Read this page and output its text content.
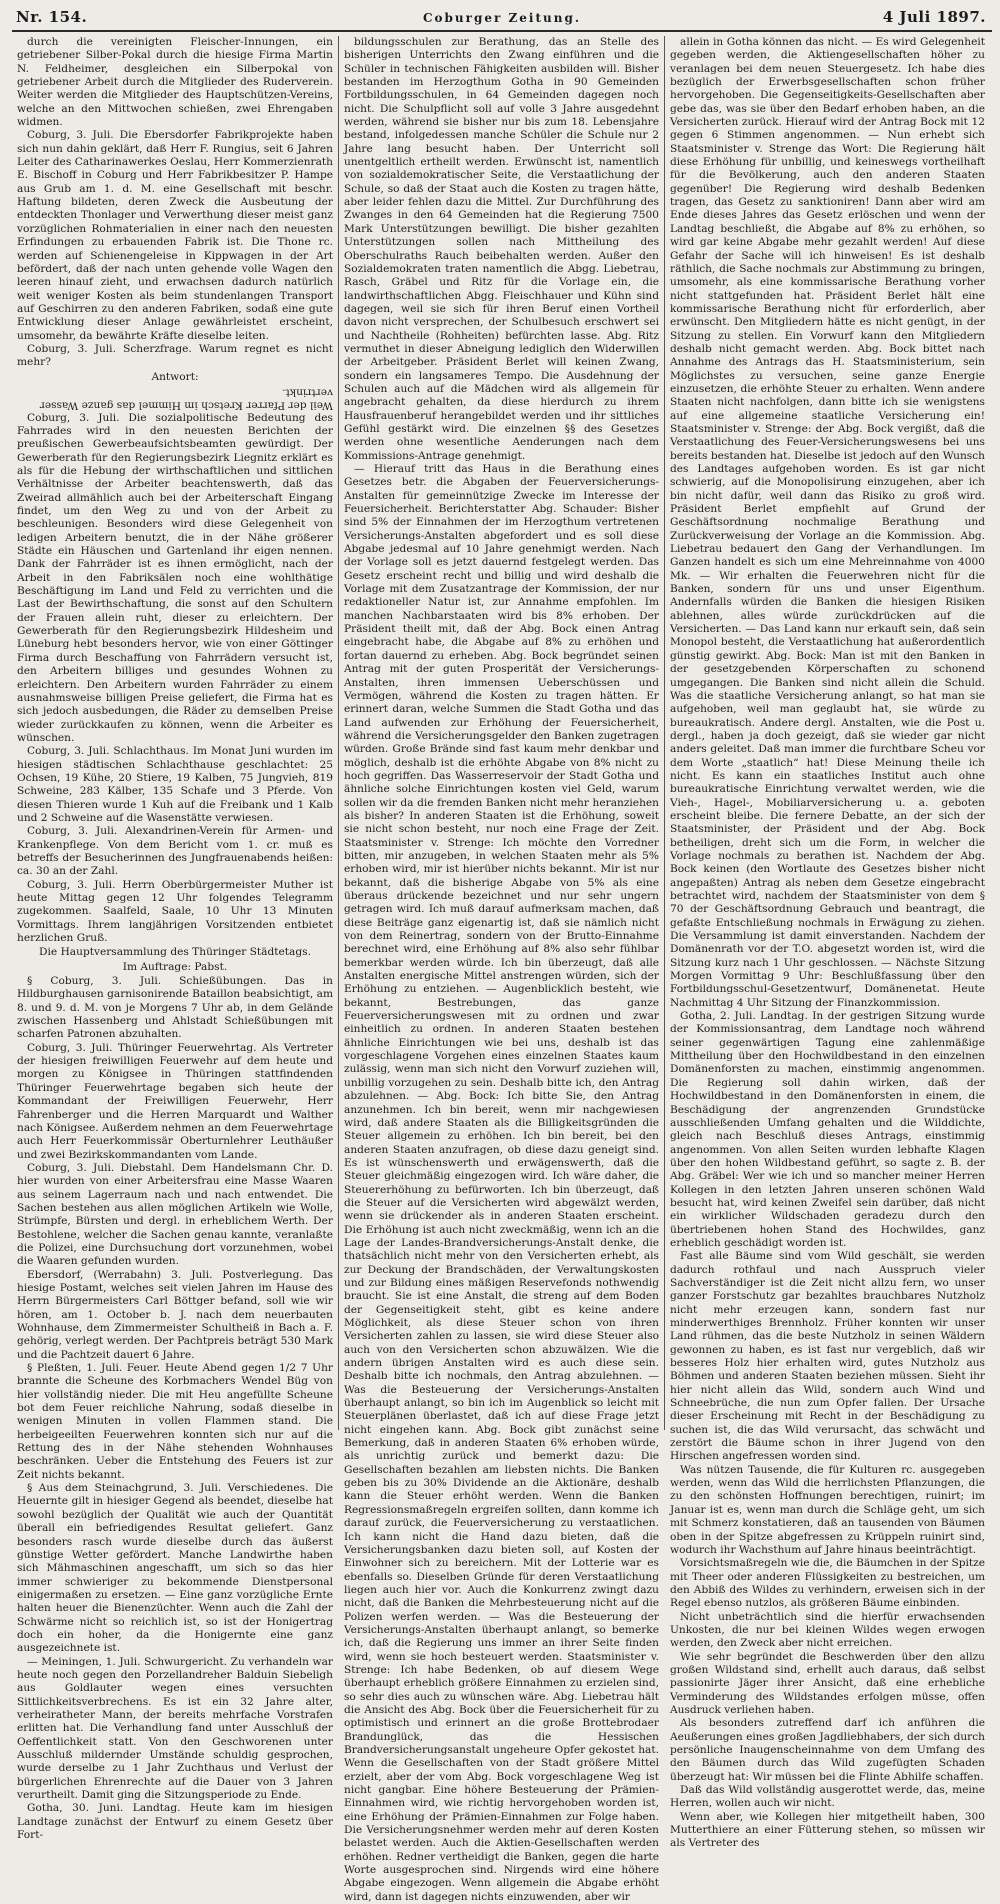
Nr. 154.	Coburger Zeitung.	4 Juli 1897.

durch die vereinigten Fleischer-Innungen, ein getriebener Silber-Pokal durch die hiesige Firma Martin N. Feldheimer, desgleichen ein Silberpokal von getriebener Arbeit durch die Mitglieder des Ruderverein. Weiter werden die Mitglieder des Hauptschützen-Vereins, welche an den Mittwochen schießen, zwei Ehrengaben widmen.

Coburg, 3. Juli. Die Ebersdorfer Fabrikprojekte haben sich nun dahin geklärt, daß Herr F. Rungius, seit 6 Jahren Leiter des Catharinawerkes Oeslau, Herr Kommerzienrath E. Bischoff in Coburg und Herr Fabrikbesitzer P. Hampe aus Grub am 1. d. M. eine Gesellschaft mit beschr. Haftung bildeten, deren Zweck die Ausbeutung der entdeckten Thonlager und Verwerthung dieser meist ganz vorzüglichen Rohmaterialien in einer nach den neuesten Erfindungen zu erbauenden Fabrik ist. Die Thone rc. werden auf Schienengeleise in Kippwagen in der Art befördert, daß der nach unten gehende volle Wagen den leeren hinauf zieht, und erwachsen dadurch natürlich weit weniger Kosten als beim stundenlangen Transport auf Geschirren zu den anderen Fabriken, sodaß eine gute Entwicklung dieser Anlage gewährleistet erscheint, umsomehr, da bewährte Kräfte dieselbe leiten.

Coburg, 3. Juli. Scherzfrage. Warum regnet es nicht mehr?

Antwort:

Weil der Pfarrer Kretsch im Himmel das ganze Wasser vertrinkt.

Coburg, 3. Juli. Die sozialpolitische Bedeutung des Fahrrades wird in den neuesten Berichten der preußischen Gewerbeaufsichtsbeamten gewürdigt. Der Gewerberath für den Regierungsbezirk Liegnitz erklärt es als für die Hebung der wirthschaftlichen und sittlichen Verhältnisse der Arbeiter beachtenswerth, daß das Zweirad allmählich auch bei der Arbeiterschaft Eingang findet, um den Weg zu und von der Arbeit zu beschleunigen. Besonders wird diese Gelegenheit von ledigen Arbeitern benutzt, die in der Nähe größerer Städte ein Häuschen und Gartenland ihr eigen nennen. Dank der Fahrräder ist es ihnen ermöglicht, nach der Arbeit in den Fabriksälen noch eine wohlthätige Beschäftigung im Land und Feld zu verrichten und die Last der Bewirthschaftung, die sonst auf den Schultern der Frauen allein ruht, dieser zu erleichtern. Der Gewerberath für den Regierungsbezirk Hildesheim und Lüneburg hebt besonders hervor, wie von einer Göttinger Firma durch Beschaffung von Fahrrädern versucht ist, den Arbeitern billiges und gesundes Wohnen zu erleichtern. Den Arbeitern wurden Fahrräder zu einem ausnahmsweise billigen Preise geliefert, die Firma hat es sich jedoch ausbedungen, die Räder zu demselben Preise wieder zurückkaufen zu können, wenn die Arbeiter es wünschen.

Coburg, 3. Juli. Schlachthaus. Im Monat Juni wurden im hiesigen städtischen Schlachthause geschlachtet: 25 Ochsen, 19 Kühe, 20 Stiere, 19 Kalben, 75 Jungvieh, 819 Schweine, 283 Kälber, 135 Schafe und 3 Pferde. Von diesen Thieren wurde 1 Kuh auf die Freibank und 1 Kalb und 2 Schweine auf die Wasenstätte verwiesen.

Coburg, 3. Juli. Alexandrinen-Verein für Armen- und Krankenpflege. Von dem Bericht vom 1. cr. muß es betreffs der Besucherinnen des Jungfrauenabends heißen: ca. 30 an der Zahl.

Coburg, 3. Juli. Herrn Oberbürgermeister Muther ist heute Mittag gegen 12 Uhr folgendes Telegramm zugekommen. Saalfeld, Saale, 10 Uhr 13 Minuten Vormittags. Ihrem langjährigen Vorsitzenden entbietet herzlichen Gruß.

Die Hauptversammlung des Thüringer Städtetags.

Im Auftrage: Pabst.

§ Coburg, 3. Juli. Schießübungen. Das in Hildburghausen garnisonirende Bataillon beabsichtigt, am 8. und 9. d. M. von je Morgens 7 Uhr ab, in dem Gelände zwischen Hassenberg und Ahlstadt Schießübungen mit scharfen Patronen abzuhalten.

Coburg, 3. Juli. Thüringer Feuerwehrtag. Als Vertreter der hiesigen freiwilligen Feuerwehr auf dem heute und morgen zu Königsee in Thüringen stattfindenden Thüringer Feuerwehrtage begaben sich heute der Kommandant der Freiwilligen Feuerwehr, Herr Fahrenberger und die Herren Marquardt und Walther nach Königsee. Außerdem nehmen an dem Feuerwehrtage auch Herr Feuerkommissär Oberturnlehrer Leuthäußer und zwei Bezirkskommandanten vom Lande.

Coburg, 3. Juli. Diebstahl. Dem Handelsmann Chr. D. hier wurden von einer Arbeitersfrau eine Masse Waaren aus seinem Lagerraum nach und nach entwendet. Die Sachen bestehen aus allen möglichen Artikeln wie Wolle, Strümpfe, Bürsten und dergl. in erheblichem Werth. Der Bestohlene, welcher die Sachen genau kannte, veranlaßte die Polizei, eine Durchsuchung dort vorzunehmen, wobei die Waaren gefunden wurden.

Ebersdorf, (Werrabahn) 3. Juli. Postverlegung. Das hiesige Postamt, welches seit vielen Jahren im Hause des Herrn Bürgermeisters Carl Böttger befand, soll wie wir hören, am 1. October b. J. nach dem neuerbauten Wohnhause, dem Zimmermeister Schultheiß in Bach a. F. gehörig, verlegt werden. Der Pachtpreis beträgt 530 Mark und die Pachtzeit dauert 6 Jahre.

§ Pleßten, 1. Juli. Feuer. Heute Abend gegen 1/2 7 Uhr brannte die Scheune des Korbmachers Wendel Büg von hier vollständig nieder. Die mit Heu angefüllte Scheune bot dem Feuer reichliche Nahrung, sodaß dieselbe in wenigen Minuten in vollen Flammen stand. Die herbeigeeilten Feuerwehren konnten sich nur auf die Rettung des in der Nähe stehenden Wohnhauses beschränken. Ueber die Entstehung des Feuers ist zur Zeit nichts bekannt.

§ Aus dem Steinachgrund, 3. Juli. Verschiedenes. Die Heuernte gilt in hiesiger Gegend als beendet, dieselbe hat sowohl bezüglich der Qualität wie auch der Quantität überall ein befriedigendes Resultat geliefert. Ganz besonders rasch wurde dieselbe durch das äußerst günstige Wetter gefördert. Manche Landwirthe haben sich Mähmaschinen angeschafft, um sich so das hier immer schwieriger zu bekommende Dienstpersonal einigermaßen zu ersetzen. — Eine ganz vorzügliche Ernte halten heuer die Bienenzüchter. Wenn auch die Zahl der Schwärme nicht so reichlich ist, so ist der Honigertrag doch ein hoher, da die Honigernte eine ganz ausgezeichnete ist.

— Meiningen, 1. Juli. Schwurgericht. Zu verhandeln war heute noch gegen den Porzellandreher Balduin Siebeligh aus Goldlauter wegen eines versuchten Sittlichkeitsverbrechens. Es ist ein 32 Jahre alter, verheiratheter Mann, der bereits mehrfache Vorstrafen erlitten hat. Die Verhandlung fand unter Ausschluß der Oeffentlichkeit statt. Von den Geschworenen unter Ausschluß mildernder Umstände schuldig gesprochen, wurde derselbe zu 1 Jahr Zuchthaus und Verlust der bürgerlichen Ehrenrechte auf die Dauer von 3 Jahren verurtheilt. Damit ging die Sitzungsperiode zu Ende.

Gotha, 30. Juni. Landtag. Heute kam im hiesigen Landtage zunächst der Entwurf zu einem Gesetz über Fort-

bildungsschulen zur Berathung, das an Stelle des bisherigen Unterrichts den Zwang einführen und die Schüler in technischen Fähigkeiten ausbilden will. Bisher bestanden im Herzogthum Gotha in 90 Gemeinden Fortbildungsschulen, in 64 Gemeinden dagegen noch nicht. Die Schulpflicht soll auf volle 3 Jahre ausgedehnt werden, während sie bisher nur bis zum 18. Lebensjahre bestand, infolgedessen manche Schüler die Schule nur 2 Jahre lang besucht haben. Der Unterricht soll unentgeltlich ertheilt werden. Erwünscht ist, namentlich von sozialdemokratischer Seite, die Verstaatlichung der Schule, so daß der Staat auch die Kosten zu tragen hätte, aber leider fehlen dazu die Mittel. Zur Durchführung des Zwanges in den 64 Gemeinden hat die Regierung 7500 Mark Unterstützungen bewilligt. Die bisher gezahlten Unterstützungen sollen nach Mittheilung des Oberschulraths Rauch beibehalten werden. Außer den Sozialdemokraten traten namentlich die Abgg. Liebetrau, Rasch, Gräbel und Ritz für die Vorlage ein, die landwirthschaftlichen Abgg. Fleischhauer und Kühn sind dagegen, weil sie sich für ihren Beruf einen Vortheil davon nicht versprechen, der Schulbesuch erschwert sei und Nachtheile (Rohheiten) befürchten lasse. Abg. Ritz vermuthet in dieser Abneigung lediglich den Widerwillen der Arbeitgeber. Präsident Berlet will keinen Zwang, sondern ein langsameres Tempo. Die Ausdehnung der Schulen auch auf die Mädchen wird als allgemein für angebracht gehalten, da diese hierdurch zu ihrem Hausfrauenberuf herangebildet werden und ihr sittliches Gefühl gestärkt wird. Die einzelnen §§ des Gesetzes werden ohne wesentliche Aenderungen nach dem Kommissions-Antrage genehmigt.

— Hierauf tritt das Haus in die Berathung eines Gesetzes betr. die Abgaben der Feuerversicherungs-Anstalten für gemeinnützige Zwecke im Interesse der Feuersicherheit. Berichterstatter Abg. Schauder: Bisher sind 5% der Einnahmen der im Herzogthum vertretenen Versicherungs-Anstalten abgefordert und es soll diese Abgabe jedesmal auf 10 Jahre genehmigt werden. Nach der Vorlage soll es jetzt dauernd festgelegt werden. Das Gesetz erscheint recht und billig und wird deshalb die Vorlage mit dem Zusatzantrage der Kommission, der nur redaktioneller Natur ist, zur Annahme empfohlen. Im manchen Nachbarstaaten wird bis 8% erhoben. Der Präsident theilt mit, daß der Abg. Bock einen Antrag eingebracht habe, die Abgabe auf 8% zu erhöhen und fortan dauernd zu erheben. Abg. Bock begründet seinen Antrag mit der guten Prosperität der Versicherungs-Anstalten, ihren immensen Ueberschüssen und Vermögen, während die Kosten zu tragen hätten. Er erinnert daran, welche Summen die Stadt Gotha und das Land aufwenden zur Erhöhung der Feuersicherheit, während die Versicherungsgelder den Banken zugetragen würden. Große Brände sind fast kaum mehr denkbar und möglich, deshalb ist die erhöhte Abgabe von 8% nicht zu hoch gegriffen. Das Wasserreservoir der Stadt Gotha und ähnliche solche Einrichtungen kosten viel Geld, warum sollen wir da die fremden Banken nicht mehr heranziehen als bisher? In anderen Staaten ist die Erhöhung, soweit sie nicht schon besteht, nur noch eine Frage der Zeit. Staatsminister v. Strenge: Ich möchte den Vorredner bitten, mir anzugeben, in welchen Staaten mehr als 5% erhoben wird, mir ist hierüber nichts bekannt. Mir ist nur bekannt, daß die bisherige Abgabe von 5% als eine überaus drückende bezeichnet und nur sehr ungern getragen wird. Ich muß darauf aufmerksam machen, daß diese Beiträge ganz eigenartig ist, daß sie nämlich nicht von dem Reinertrag, sondern von der Brutto-Einnahme berechnet wird, eine Erhöhung auf 8% also sehr fühlbar bemerkbar werden würde. Ich bin überzeugt, daß alle Anstalten energische Mittel anstrengen würden, sich der Erhöhung zu entziehen. — Augenblicklich besteht, wie bekannt, Bestrebungen, das ganze Feuerversicherungswesen mit zu ordnen und zwar einheitlich zu ordnen. In anderen Staaten bestehen ähnliche Einrichtungen wie bei uns, deshalb ist das vorgeschlagene Vorgehen eines einzelnen Staates kaum zulässig, wenn man sich nicht den Vorwurf zuziehen will, unbillig vorzugehen zu sein. Deshalb bitte ich, den Antrag abzulehnen. — Abg. Bock: Ich bitte Sie, den Antrag anzunehmen. Ich bin bereit, wenn mir nachgewiesen wird, daß andere Staaten als die Billigkeitsgründen die Steuer allgemein zu erhöhen. Ich bin bereit, bei den anderen Staaten anzufragen, ob diese dazu geneigt sind. Es ist wünschenswerth und erwägenswerth, daß die Steuer gleichmäßig eingezogen wird. Ich wäre daher, die Steuererhöhung zu befürworten. Ich bin überzeugt, daß die Steuer auf die Versicherten wird abgewälzt werden, wenn sie drückender als in anderen Staaten erscheint. Die Erhöhung ist auch nicht zweckmäßig, wenn ich an die Lage der Landes-Brandversicherungs-Anstalt denke, die thatsächlich nicht mehr von den Versicherten erhebt, als zur Deckung der Brandschäden, der Verwaltungskosten und zur Bildung eines mäßigen Reservefonds nothwendig braucht. Sie ist eine Anstalt, die streng auf dem Boden der Gegenseitigkeit steht, gibt es keine andere Möglichkeit, als diese Steuer schon von ihren Versicherten zahlen zu lassen, sie wird diese Steuer also auch von den Versicherten schon abzuwälzen. Wie die andern übrigen Anstalten wird es auch diese sein. Deshalb bitte ich nochmals, den Antrag abzulehnen. — Was die Besteuerung der Versicherungs-Anstalten überhaupt anlangt, so bin ich im Augenblick so leicht mit Steuerplänen überlastet, daß ich auf diese Frage jetzt nicht eingehen kann. Abg. Bock gibt zunächst seine Bemerkung, daß in anderen Staaten 6% erhoben würde, als unrichtig zurück und bemerkt dazu: Die Gesellschaften bezahlen am liebsten nichts. Die Banken geben bis zu 30% Dividende an die Aktionäre, deshalb kann die Steuer erhöht werden. Wenn die Banken Regressionsmaßregeln ergreifen sollten, dann komme ich darauf zurück, die Feuerversicherung zu verstaatlichen. Ich kann nicht die Hand dazu bieten, daß die Versicherungsbanken dazu bieten soll, auf Kosten der Einwohner sich zu bereichern. Mit der Lotterie war es ebenfalls so. Dieselben Gründe für deren Verstaatlichung liegen auch hier vor. Auch die Konkurrenz zwingt dazu nicht, daß die Banken die Mehrbesteuerung nicht auf die Polizen werfen werden. — Was die Besteuerung der Versicherungs-Anstalten überhaupt anlangt, so bemerke ich, daß die Regierung uns immer an ihrer Seite finden wird, wenn sie hoch besteuert werden. Staatsminister v. Strenge: Ich habe Bedenken, ob auf diesem Wege überhaupt erheblich größere Einnahmen zu erzielen sind, so sehr dies auch zu wünschen wäre. Abg. Liebetrau hält die Ansicht des Abg. Bock über die Feuersicherheit für zu optimistisch und erinnert an die große Brottebrodaer Brandunglück, das die Hessischen Brandversicherungsanstalt ungeheure Opfer gekostet hat. Wenn die Gesellschaften von der Stadt größere Mittel erzielt, aber der vom Abg. Bock vorgeschlagene Weg ist nicht gangbar. Eine höhere Besteuerung der Prämien-Einnahmen wird, wie richtig hervorgehoben worden ist, eine Erhöhung der Prämien-Einnahmen zur Folge haben. Die Versicherungsnehmer werden mehr auf deren Kosten belastet werden. Auch die Aktien-Gesellschaften werden erhöhen. Redner vertheidigt die Banken, gegen die harte Worte ausgesprochen sind. Nirgends wird eine höhere Abgabe eingezogen. Wenn allgemein die Abgabe erhöht wird, dann ist dagegen nichts einzuwenden, aber wir

allein in Gotha können das nicht. — Es wird Gelegenheit gegeben werden, die Aktiengesellschaften höher zu veranlagen bei dem neuen Steuergesetz. Ich habe dies bezüglich der Erwerbsgesellschaften schon früher hervorgehoben. Die Gegenseitigkeits-Gesellschaften aber gebe das, was sie über den Bedarf erhoben haben, an die Versicherten zurück. Hierauf wird der Antrag Bock mit 12 gegen 6 Stimmen angenommen. — Nun erhebt sich Staatsminister v. Strenge das Wort: Die Regierung hält diese Erhöhung für unbillig, und keineswegs vortheilhaft für die Bevölkerung, auch den anderen Staaten gegenüber! Die Regierung wird deshalb Bedenken tragen, das Gesetz zu sanktioniren! Dann aber wird am Ende dieses Jahres das Gesetz erlöschen und wenn der Landtag beschließt, die Abgabe auf 8% zu erhöhen, so wird gar keine Abgabe mehr gezahlt werden! Auf diese Gefahr der Sache will ich hinweisen! Es ist deshalb räthlich, die Sache nochmals zur Abstimmung zu bringen, umsomehr, als eine kommissarische Berathung vorher nicht stattgefunden hat. Präsident Berlet hält eine kommissarische Berathung nicht für erforderlich, aber erwünscht. Den Mitgliedern hätte es nicht genügt, in der Sitzung zu stellen. Ein Vorwurf kann den Mitgliedern deshalb nicht gemacht werden. Abg. Bock bittet nach Annahme des Antrags das H. Staatsministerium, sein Möglichstes zu versuchen, seine ganze Energie einzusetzen, die erhöhte Steuer zu erhalten. Wenn andere Staaten nicht nachfolgen, dann bitte ich sie wenigstens auf eine allgemeine staatliche Versicherung ein! Staatsminister v. Strenge: der Abg. Bock vergißt, daß die Verstaatlichung des Feuer-Versicherungswesens bei uns bereits bestanden hat. Dieselbe ist jedoch auf den Wunsch des Landtages aufgehoben worden. Es ist gar nicht schwierig, auf die Monopolisirung einzugehen, aber ich bin nicht dafür, weil dann das Risiko zu groß wird. Präsident Berlet empfiehlt auf Grund der Geschäftsordnung nochmalige Berathung und Zurückverweisung der Vorlage an die Kommission. Abg. Liebetrau bedauert den Gang der Verhandlungen. Im Ganzen handelt es sich um eine Mehreinnahme von 4000 Mk. — Wir erhalten die Feuerwehren nicht für die Banken, sondern für uns und unser Eigenthum. Andernfalls würden die Banken die hiesigen Risiken ablehnen, alles würde zurückdrücken auf die Versicherten. — Das Land kann nur erkauft sein, daß sein Monopol besteht, die Verstaatlichung hat außerordentlich günstig gewirkt. Abg. Bock: Man ist mit den Banken in der gesetzgebenden Körperschaften zu schonend umgegangen. Die Banken sind nicht allein die Schuld. Was die staatliche Versicherung anlangt, so hat man sie aufgehoben, weil man geglaubt hat, sie würde zu bureaukratisch. Andere dergl. Anstalten, wie die Post u. dergl., haben ja doch gezeigt, daß sie wieder gar nicht anders geleitet. Daß man immer die furchtbare Scheu vor dem Worte „staatlich“ hat! Diese Meinung theile ich nicht. Es kann ein staatliches Institut auch ohne bureaukratische Einrichtung verwaltet werden, wie die Vieh-, Hagel-, Mobiliarversicherung u. a. geboten erscheint bleibe. Die fernere Debatte, an der sich der Staatsminister, der Präsident und der Abg. Bock betheiligen, dreht sich um die Form, in welcher die Vorlage nochmals zu berathen ist. Nachdem der Abg. Bock keinen (den Wortlaute des Gesetzes bisher nicht angepaßten) Antrag als neben dem Gesetze eingebracht betrachtet wird, nachdem der Staatsminister von dem § 70 der Geschäftsordnung Gebrauch und beantragt, die gefaßte Entschließung nochmals in Erwägung zu ziehen. Die Versammlung ist damit einverstanden. Nachdem der Domänenrath vor der T.O. abgesetzt worden ist, wird die Sitzung kurz nach 1 Uhr geschlossen. — Nächste Sitzung Morgen Vormittag 9 Uhr: Beschlußfassung über den Fortbildungsschul-Gesetzentwurf, Domänenetat. Heute Nachmittag 4 Uhr Sitzung der Finanzkommission.

Gotha, 2. Juli. Landtag. In der gestrigen Sitzung wurde der Kommissionsantrag, dem Landtage noch während seiner gegenwärtigen Tagung eine zahlenmäßige Mittheilung über den Hochwildbestand in den einzelnen Domänenforsten zu machen, einstimmig angenommen. Die Regierung soll dahin wirken, daß der Hochwildbestand in den Domänenforsten in einem, die Beschädigung der angrenzenden Grundstücke ausschließenden Umfang gehalten und die Wilddichte, gleich nach Beschluß dieses Antrags, einstimmig angenommen. Von allen Seiten wurden lebhafte Klagen über den hohen Wildbestand geführt, so sagte z. B. der Abg. Gräbel: Wer wie ich und so mancher meiner Herren Kollegen in den letzten Jahren unseren schönen Wald besucht hat, wird keinen Zweifel sein darüber, daß nicht ein wirklicher Wildschaden geradezu durch den übertriebenen hohen Stand des Hochwildes, ganz erheblich geschädigt worden ist.

Fast alle Bäume sind vom Wild geschält, sie werden dadurch rothfaul und nach Ausspruch vieler Sachverständiger ist die Zeit nicht allzu fern, wo unser ganzer Forstschutz gar bezahltes brauchbares Nutzholz nicht mehr erzeugen kann, sondern fast nur minderwerthiges Brennholz. Früher konnten wir unser Land rühmen, das die beste Nutzholz in seinen Wäldern gewonnen zu haben, es ist fast nur vergeblich, daß wir besseres Holz hier erhalten wird, gutes Nutzholz aus Böhmen und anderen Staaten beziehen müssen. Sieht ihr hier nicht allein das Wild, sondern auch Wind und Schneebrüche, die nun zum Opfer fallen. Der Ursache dieser Erscheinung mit Recht in der Beschädigung zu suchen ist, die das Wild verursacht, das schwächt und zerstört die Bäume schon in ihrer Jugend von den Hirschen angefressen worden sind.

Was nützen Tausende, die für Kulturen rc. ausgegeben werden, wenn das Wild die herrlichsten Pflanzungen, die zu den schönsten Hoffnungen berechtigen, ruinirt; im Januar ist es, wenn man durch die Schläge geht, um sich mit Schmerz konstatieren, daß an tausenden von Bäumen oben in der Spitze abgefressen zu Krüppeln ruinirt sind, wodurch ihr Wachsthum auf Jahre hinaus beeinträchtigt.

Vorsichtsmaßregeln wie die, die Bäumchen in der Spitze mit Theer oder anderen Flüssigkeiten zu bestreichen, um den Abbiß des Wildes zu verhindern, erweisen sich in der Regel ebenso nutzlos, als größeren Bäume einbinden.

Nicht unbeträchtlich sind die hierfür erwachsenden Unkosten, die nur bei kleinen Wildes wegen erwogen werden, den Zweck aber nicht erreichen.

Wie sehr begründet die Beschwerden über den allzu großen Wildstand sind, erhellt auch daraus, daß selbst passionirte Jäger ihrer Ansicht, daß eine erhebliche Verminderung des Wildstandes erfolgen müsse, offen Ausdruck verliehen haben.

Als besonders zutreffend darf ich anführen die Aeußerungen eines großen Jagdliebhabers, der sich durch persönliche Inaugenscheinnahme von dem Umfang des den Bäumen durch das Wild zugefügten Schaden überzeugt hat: Wir müssen bei die Flinte Abhilfe schaffen.

Daß das Wild vollständig ausgerottet werde, das, meine Herren, wollen auch wir nicht.

Wenn aber, wie Kollegen hier mitgetheilt haben, 300 Mutterthiere an einer Fütterung stehen, so müssen wir als Vertreter des
